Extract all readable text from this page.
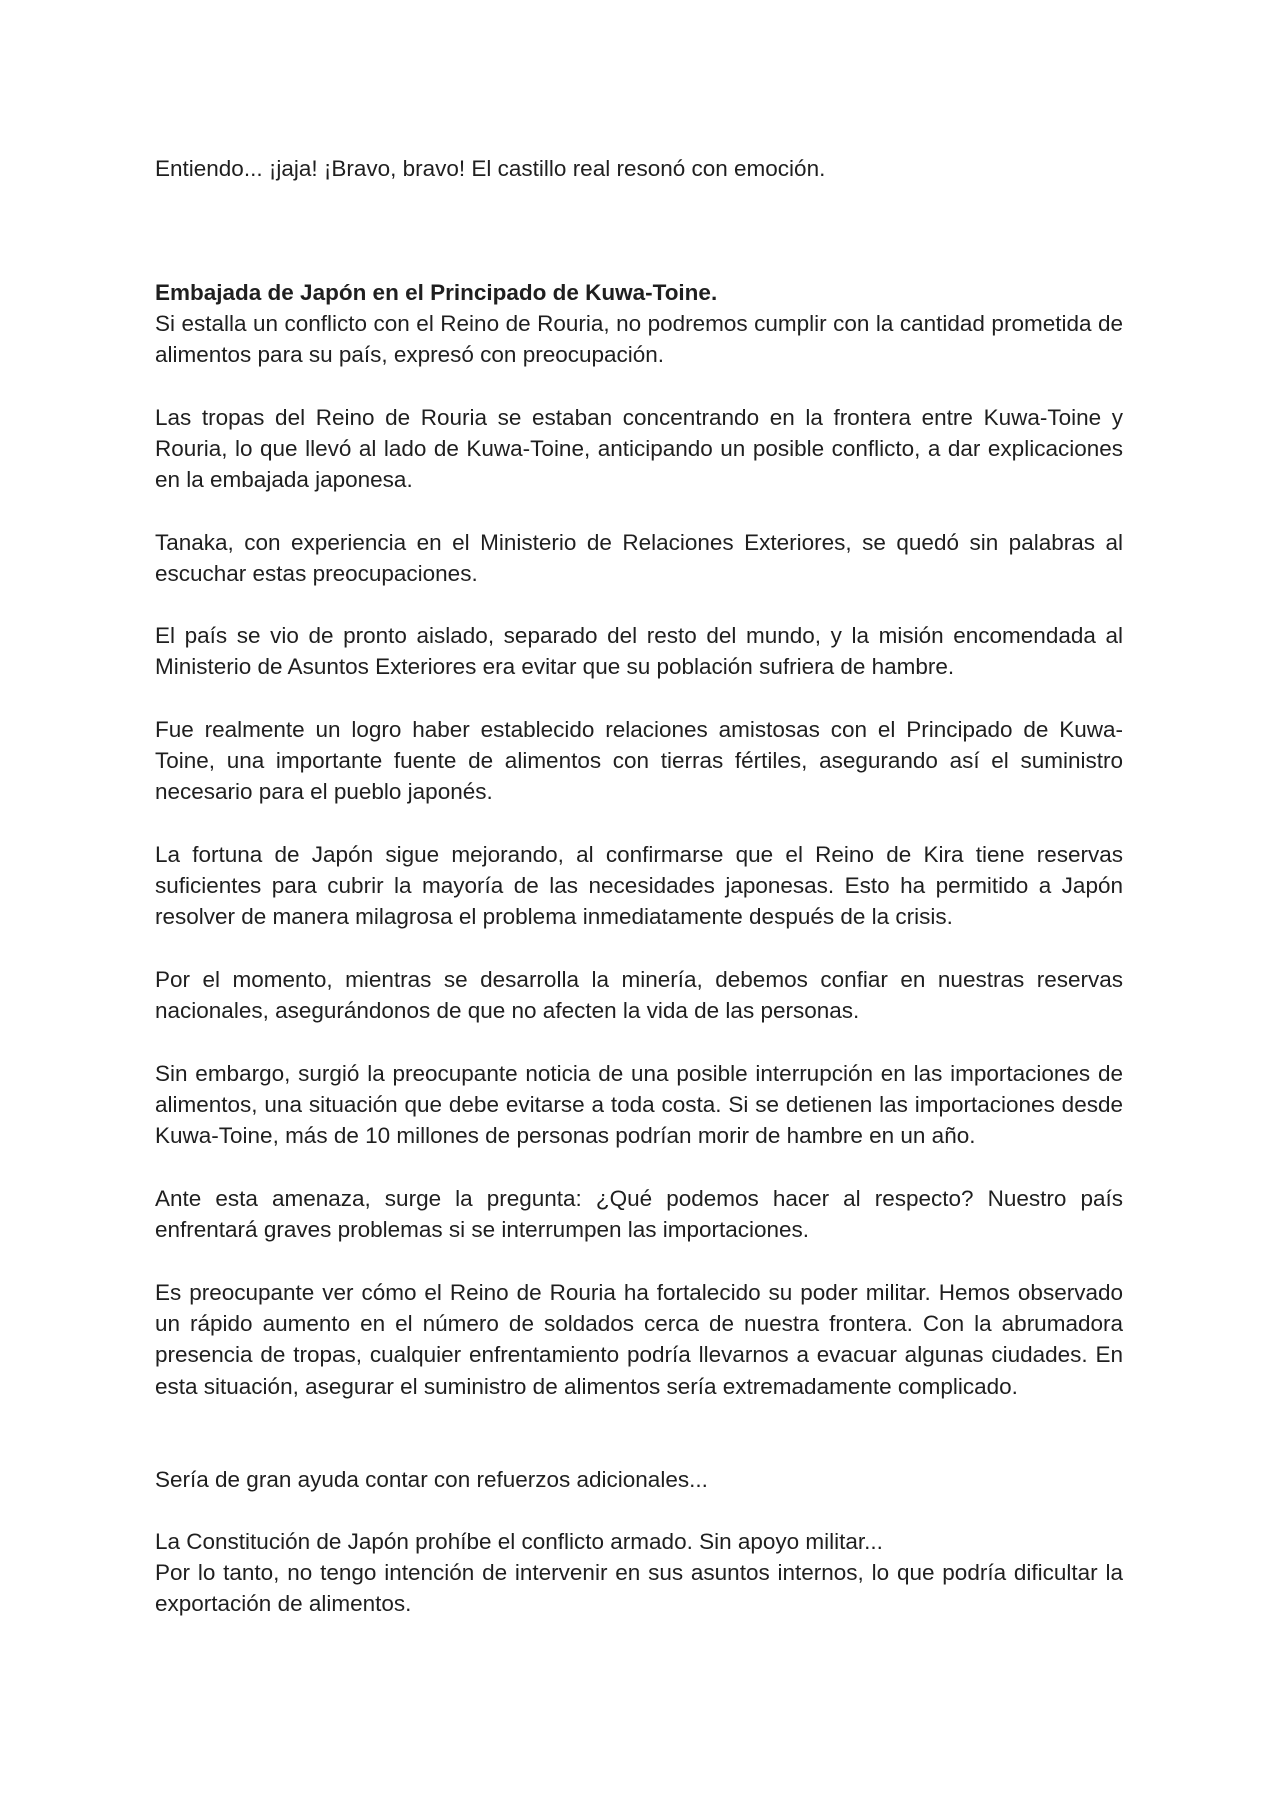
Entiendo... ¡jaja! ¡Bravo, bravo! El castillo real resonó con emoción.

Embajada de Japón en el Principado de Kuwa-Toine.

Si estalla un conflicto con el Reino de Rouria, no podremos cumplir con la cantidad prometida de alimentos para su país, expresó con preocupación.

Las tropas del Reino de Rouria se estaban concentrando en la frontera entre Kuwa-Toine y Rouria, lo que llevó al lado de Kuwa-Toine, anticipando un posible conflicto, a dar explicaciones en la embajada japonesa.

Tanaka, con experiencia en el Ministerio de Relaciones Exteriores, se quedó sin palabras al escuchar estas preocupaciones.

El país se vio de pronto aislado, separado del resto del mundo, y la misión encomendada al Ministerio de Asuntos Exteriores era evitar que su población sufriera de hambre.

Fue realmente un logro haber establecido relaciones amistosas con el Principado de Kuwa-Toine, una importante fuente de alimentos con tierras fértiles, asegurando así el suministro necesario para el pueblo japonés.

La fortuna de Japón sigue mejorando, al confirmarse que el Reino de Kira tiene reservas suficientes para cubrir la mayoría de las necesidades japonesas. Esto ha permitido a Japón resolver de manera milagrosa el problema inmediatamente después de la crisis.

Por el momento, mientras se desarrolla la minería, debemos confiar en nuestras reservas nacionales, asegurándonos de que no afecten la vida de las personas.

Sin embargo, surgió la preocupante noticia de una posible interrupción en las importaciones de alimentos, una situación que debe evitarse a toda costa. Si se detienen las importaciones desde Kuwa-Toine, más de 10 millones de personas podrían morir de hambre en un año.

Ante esta amenaza, surge la pregunta: ¿Qué podemos hacer al respecto? Nuestro país enfrentará graves problemas si se interrumpen las importaciones.

Es preocupante ver cómo el Reino de Rouria ha fortalecido su poder militar. Hemos observado un rápido aumento en el número de soldados cerca de nuestra frontera. Con la abrumadora presencia de tropas, cualquier enfrentamiento podría llevarnos a evacuar algunas ciudades. En esta situación, asegurar el suministro de alimentos sería extremadamente complicado.

Sería de gran ayuda contar con refuerzos adicionales...

La Constitución de Japón prohíbe el conflicto armado. Sin apoyo militar...

Por lo tanto, no tengo intención de intervenir en sus asuntos internos, lo que podría dificultar la exportación de alimentos.
